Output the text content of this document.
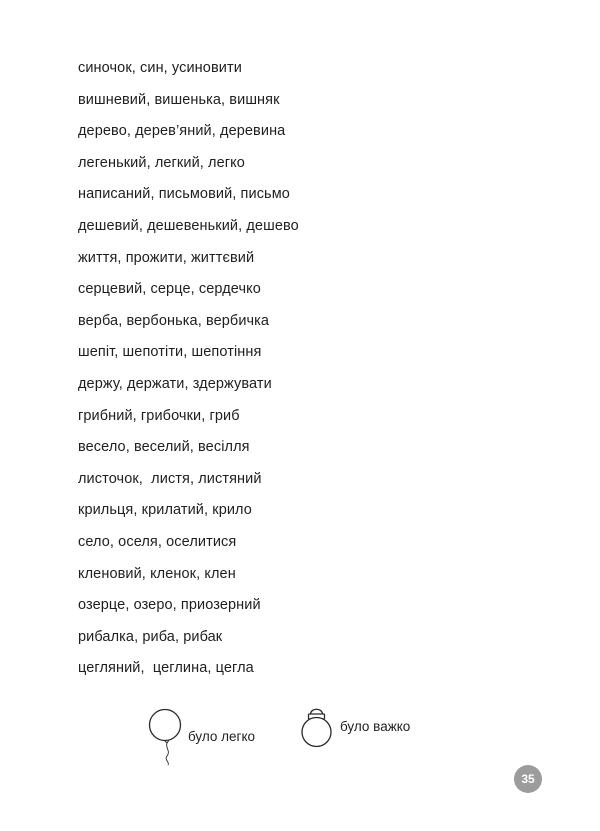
синочок, син, усиновити
вишневий, вишенька, вишняк
дерево, дерев’яний, деревина
легенький, легкий, легко
написаний, письмовий, письмо
дешевий, дешевенький, дешево
життя, прожити, життєвий
серцевий, серце, сердечко
верба, вербонька, вербичка
шепіт, шепотіти, шепотіння
держу, держати, здержувати
грибний, грибочки, гриб
весело, веселий, весілля
листочок,  листя, листяний
крильця, крилатий, крило
село, оселя, оселитися
кленовий, кленок, клен
озерце, озеро, приозерний
рибалка, риба, рибак
цегляний,  цеглина, цегла
було легко
було важко
35
